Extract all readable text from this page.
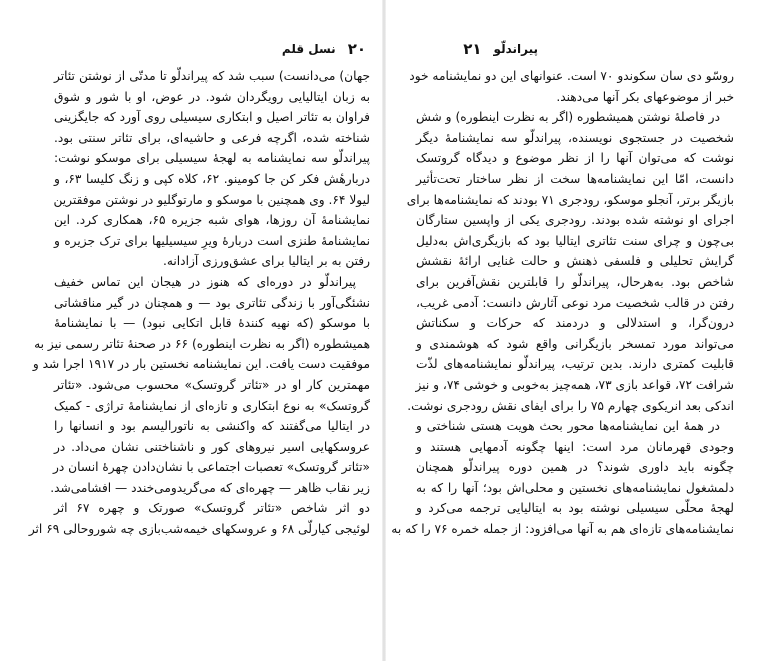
پیراندلّو
۲۱
روسّو دی سان سکوندو ۷۰ است. عنوانهای این دو نمایشنامه خود
خبر از موضوعهای بکر آنها می‌دهند.
در فاصلهٔ نوشتن همیشطوره (اگر به نظرت اینطوره) و شش
شخصیت در جستجوی نویسنده، پیراندلّو سه نمایشنامهٔ دیگر
نوشت که می‌توان آنها را از نظر موضوع و دیدگاه گروتسک
دانست، امّا این نمایشنامه‌ها سخت از نظر ساختار تحت‌تأثیر
بازیگر برتر، آنجلو موسکو، رودجری ۷۱ بودند که نمایشنامه‌ها برای
اجرای او نوشته شده بودند. رودجری یکی از واپسین ستارگان
بی‌چون و چرای سنت تئاتری ایتالیا بود که بازیگری‌اش به‌دلیل
گرایش تحلیلی و فلسفی ذهنش و حالت غنایی ارائهٔ نقشش
شاخص بود. به‌هرحال، پیراندلّو را قابلترین نقش‌آفرین برای
رفتن در قالب شخصیت مرد نوعی آثارش دانست: آدمی غریب،
درون‌گرا، و استدلالی و دردمند که حرکات و سکناتش
می‌تواند مورد تمسخر بازیگرانی واقع شود که هوشمندی و
قابلیت کمتری دارند. بدین ترتیب، پیراندلّو نمایشنامه‌های لذّت
شرافت ۷۲، قواعد بازی ۷۳، همه‌چیز به‌خوبی و خوشی ۷۴، و نیز
اندکی بعد انریکوی چهارم ۷۵ را برای ایفای نقش رودجری نوشت.
در همهٔ این نمایشنامه‌ها محور بحث هویت هستی شناختی و
وجودی قهرمانان مرد است: اینها چگونه آدمهایی هستند و
چگونه باید داوری شوند؟ در همین دوره پیراندلّو همچنان
دلمشغول نمایشنامه‌های نخستین و محلی‌اش بود؛ آنها را که به
لهجهٔ محلّی سیسیلی نوشته بود به ایتالیایی ترجمه می‌کرد و
نمایشنامه‌های تازه‌ای هم به آنها می‌افزود: از جمله خمره ۷۶ را که به
۲۰
نسل قلم
جهان) می‌دانست) سبب شد که پیراندلّو تا مدتّی از نوشتن تئاتر
به زبان ایتالیایی رویگردان شود. در عوض، او با شور و شوق
فراوان به تئاتر اصیل و ابتکاری سیسیلی روی آورد که جایگزینی
شناخته شده، اگرچه فرعی و حاشیه‌ای، برای تئاتر سنتی بود.
پیراندلّو سه نمایشنامه به لهجهٔ سیسیلی برای موسکو نوشت:
دربارهٔش فکر کن جا کومینو. ۶۲، کلاه کپی و زنگ کلیسا ۶۳، و
لیولا ۶۴. وی همچنین با موسکو و مارتوگلیو در نوشتن موفقترین
نمایشنامهٔ آن روزها، هوای شبه جزیره ۶۵، همکاری کرد. این
نمایشنامهٔ طنزی است دربارهٔ ویرِ سیسیلیها برای ترک جزیره و
رفتن به بر ایتالیا برای عشق‌ورزی آزادانه.
پیراندلّو در دوره‌ای که هنوز در هیجان این تماس خفیف
نشئگی‌آور با زندگی تئاتری بود — و همچنان در گیر مناقشاتی
با موسکو (که نهیه کنندهٔ قابل اتکایی نبود) — با نمایشنامهٔ
همیشطوره (اگر به نظرت اینطوره) ۶۶ در صحنهٔ تئاتر رسمی نیز به
موفقیت دست یافت. این نمایشنامه نخستین بار در ۱۹۱۷ اجرا شد و
مهمترین کار او در «تئاتر گروتسک» محسوب می‌شود. «تئاتر
گروتسک» به نوع ابتکاری و تازه‌ای از نمایشنامهٔ تراژی - کمیک
در ایتالیا می‌گفتند که واکنشی به ناتورالیسم بود و انسانها را
عروسکهایی اسیر نیروهای کور و ناشناختنی نشان می‌داد. در
«تئاتر گروتسک» تعصبات اجتماعی با نشان‌دادن چهرهٔ انسان در
زیر نقاب ظاهر — چهره‌ای که می‌گریدومی‌خندد — افشامی‌شد.
دو اثر شاخص «تئاتر گروتسک» صورتک و چهره ۶۷ اثر
لوئیجی کیارلّی ۶۸ و عروسکهای خیمه‌شب‌بازی چه شوروحالی ۶۹ اثر
